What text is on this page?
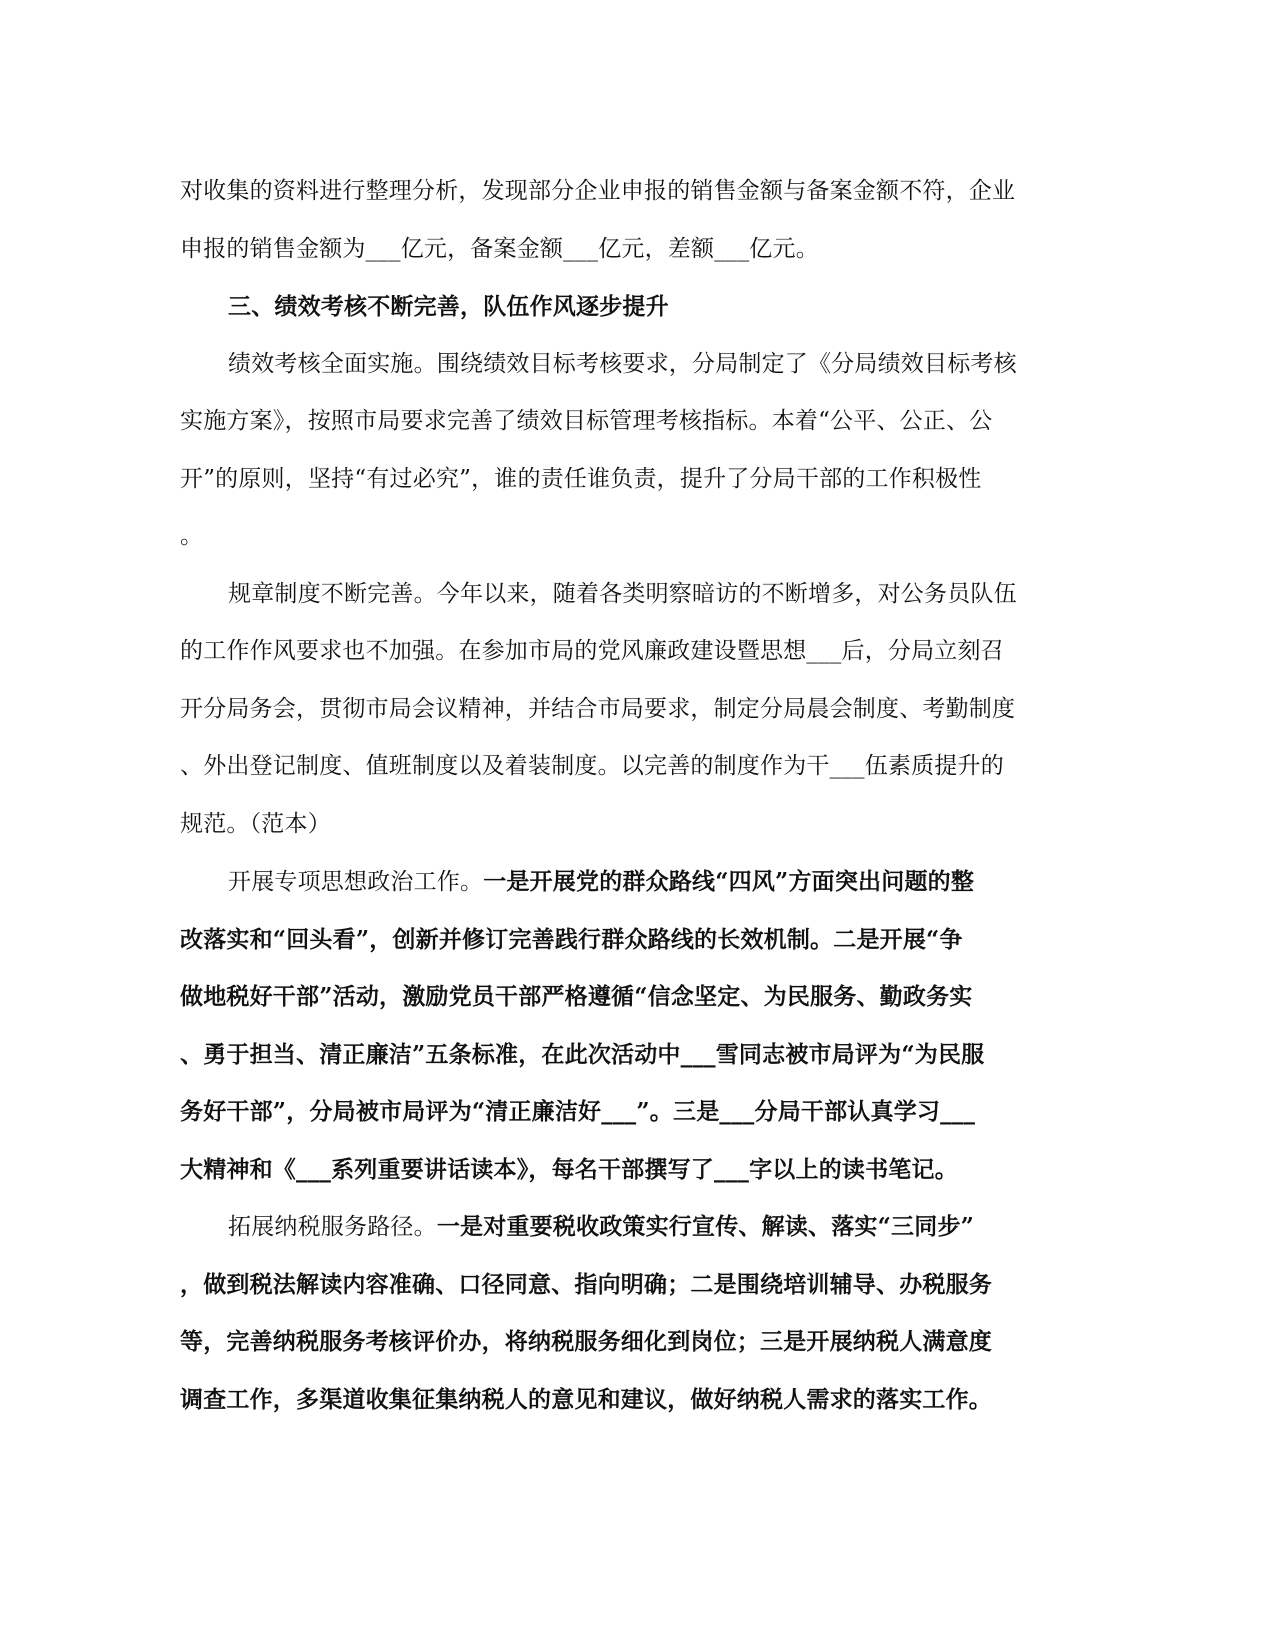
对收集的资料进行整理分析，发现部分企业申报的销售金额与备案金额不符，企业
申报的销售金额为___亿元，备案金额___亿元，差额___亿元。
三、绩效考核不断完善，队伍作风逐步提升
绩效考核全面实施。围绕绩效目标考核要求，分局制定了《分局绩效目标考核
实施方案》，按照市局要求完善了绩效目标管理考核指标。本着“公平、公正、公
开”的原则，坚持“有过必究”，谁的责任谁负责，提升了分局干部的工作积极性
。
规章制度不断完善。今年以来，随着各类明察暗访的不断增多，对公务员队伍
的工作作风要求也不加强。在参加市局的党风廉政建设暨思想___后，分局立刻召
开分局务会，贯彻市局会议精神，并结合市局要求，制定分局晨会制度、考勤制度
、外出登记制度、值班制度以及着装制度。以完善的制度作为干___伍素质提升的
规范。（范本）
开展专项思想政治工作。一是开展党的群众路线“四风”方面突出问题的整
改落实和“回头看”，创新并修订完善践行群众路线的长效机制。二是开展“争
做地税好干部”活动，激励党员干部严格遵循“信念坚定、为民服务、勤政务实
、勇于担当、清正廉洁”五条标准，在此次活动中___雪同志被市局评为“为民服
务好干部”，分局被市局评为“清正廉洁好___”。三是___分局干部认真学习___
大精神和《___系列重要讲话读本》，每名干部撰写了___字以上的读书笔记。
拓展纳税服务路径。一是对重要税收政策实行宣传、解读、落实“三同步”
，做到税法解读内容准确、口径同意、指向明确；二是围绕培训辅导、办税服务
等，完善纳税服务考核评价办，将纳税服务细化到岗位；三是开展纳税人满意度
调查工作，多渠道收集征集纳税人的意见和建议，做好纳税人需求的落实工作。
